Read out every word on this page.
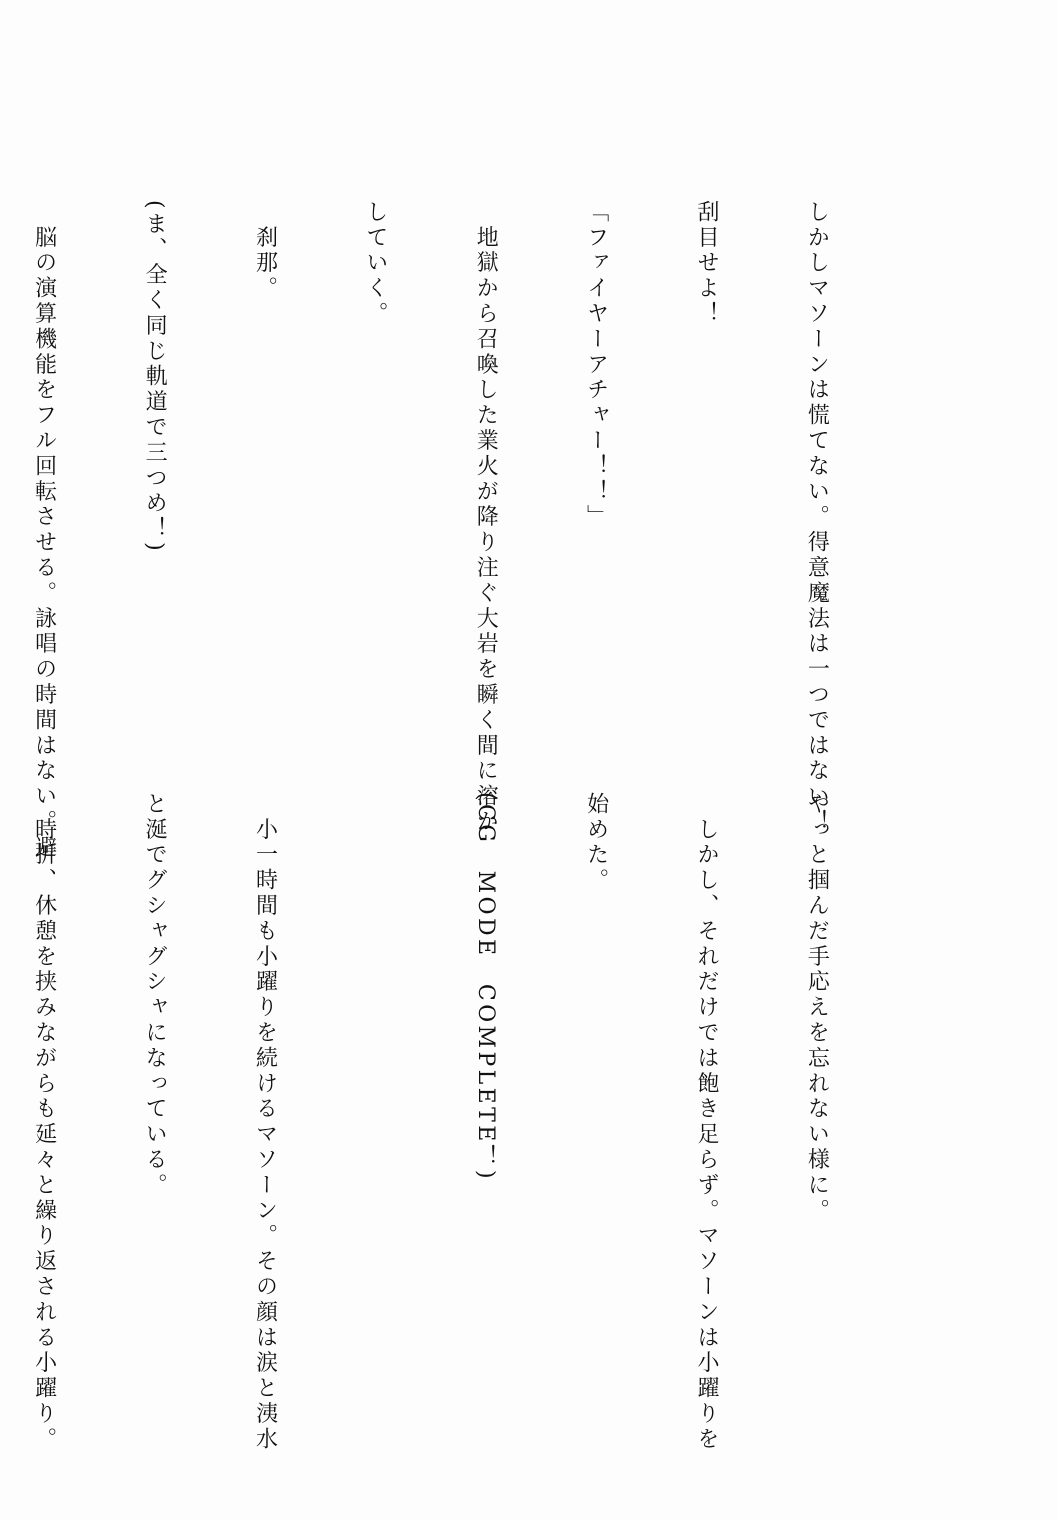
しかしマソーンは慌てない。得意魔法は一つではない！

刮目せよ！

「ファイヤーアチャー！！」

　地獄から召喚した業火が降り注ぐ大岩を瞬く間に溶か

していく。

　刹那。

(ま、全く同じ軌道で三つめ！)

　脳の演算機能をフル回転させる。詠唱の時間はない。避

やっと掴んだ手応えを忘れない様に。

　しかし、それだけでは飽き足らず。マソーンは小躍りを

始めた。

(CG　MODE　COMPLETE！)

　小一時間も小躍りを続けるマソーン。その顔は涙と洟水

と涎でグシャグシャになっている。

　時折、休憩を挟みながらも延々と繰り返される小躍り。
